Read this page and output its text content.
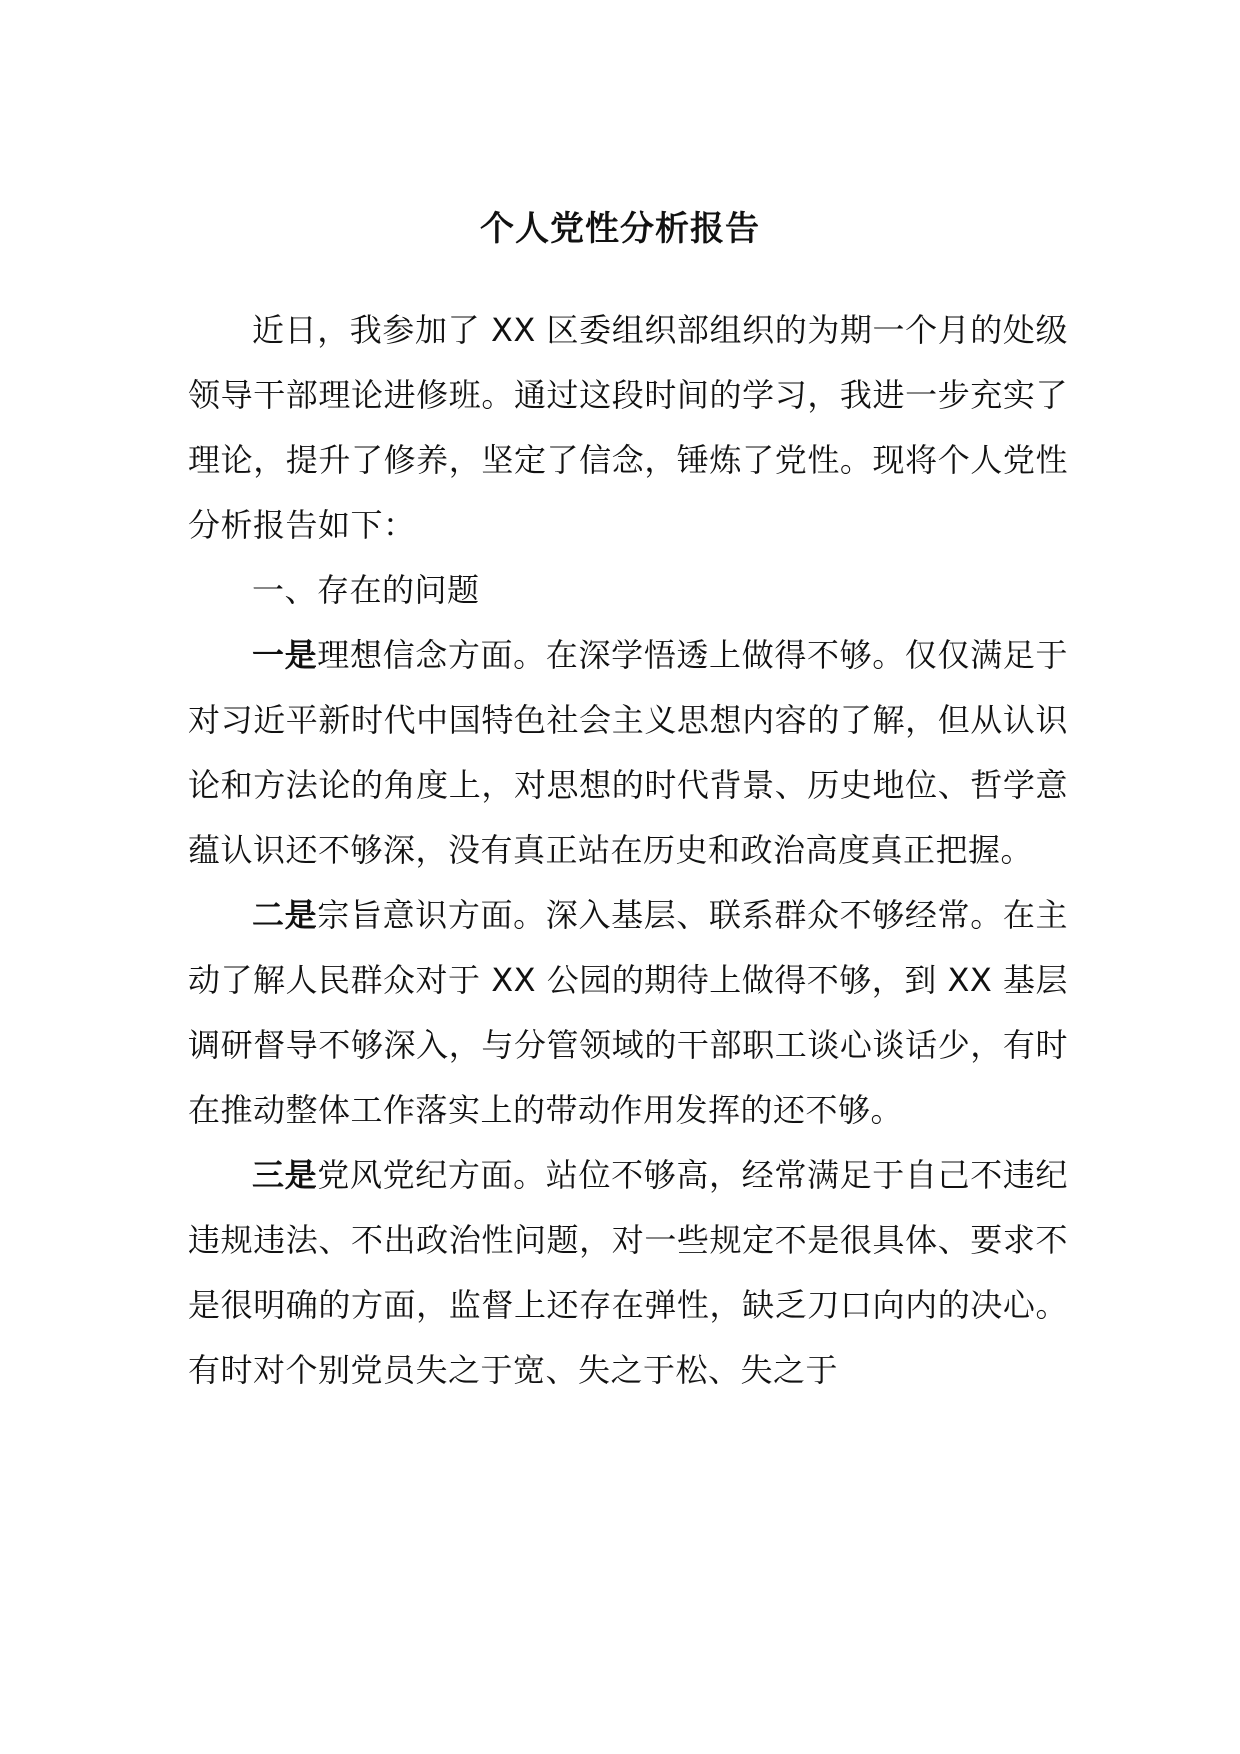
个人党性分析报告

近日，我参加了 XX 区委组织部组织的为期一个月的处级领导干部理论进修班。通过这段时间的学习，我进一步充实了理论，提升了修养，坚定了信念，锤炼了党性。现将个人党性分析报告如下：

一、存在的问题

一是理想信念方面。在深学悟透上做得不够。仅仅满足于对习近平新时代中国特色社会主义思想内容的了解，但从认识论和方法论的角度上，对思想的时代背景、历史地位、哲学意蕴认识还不够深，没有真正站在历史和政治高度真正把握。

二是宗旨意识方面。深入基层、联系群众不够经常。在主动了解人民群众对于 XX 公园的期待上做得不够，到 XX 基层调研督导不够深入，与分管领域的干部职工谈心谈话少，有时在推动整体工作落实上的带动作用发挥的还不够。

三是党风党纪方面。站位不够高，经常满足于自己不违纪违规违法、不出政治性问题，对一些规定不是很具体、要求不是很明确的方面，监督上还存在弹性，缺乏刀口向内的决心。有时对个别党员失之于宽、失之于松、失之于
